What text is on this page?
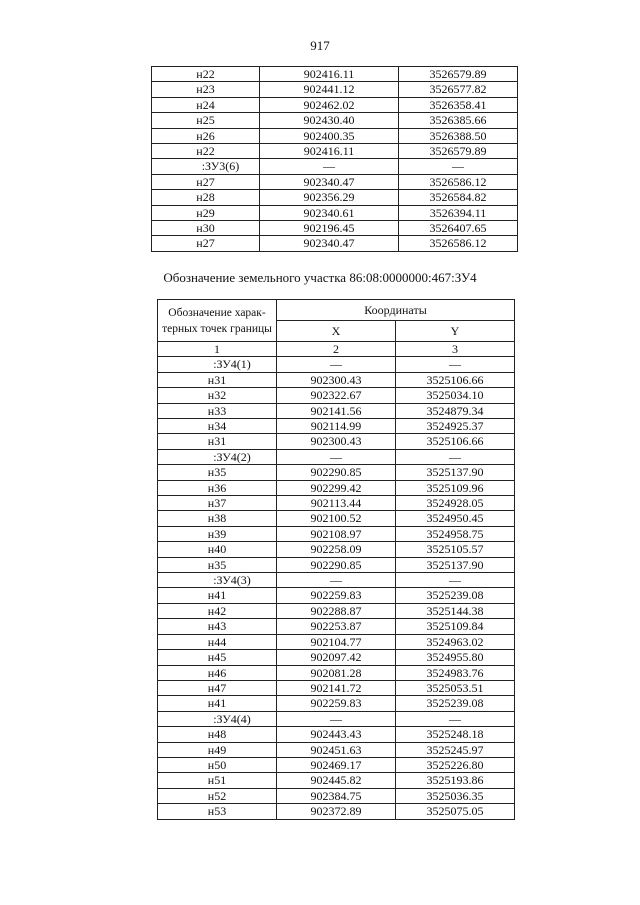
917
н22	902416.11	3526579.89
н23	902441.12	3526577.82
н24	902462.02	3526358.41
н25	902430.40	3526385.66
н26	902400.35	3526388.50
н22	902416.11	3526579.89
:ЗУ3(6)	—	—
н27	902340.47	3526586.12
н28	902356.29	3526584.82
н29	902340.61	3526394.11
н30	902196.45	3526407.65
н27	902340.47	3526586.12
Обозначение земельного участка 86:08:0000000:467:ЗУ4
Обозначение харак-терных точек границы	Координаты	
	X	Y
1	2	3
:ЗУ4(1)	—	—
н31	902300.43	3525106.66
н32	902322.67	3525034.10
н33	902141.56	3524879.34
н34	902114.99	3524925.37
н31	902300.43	3525106.66
:ЗУ4(2)	—	—
н35	902290.85	3525137.90
н36	902299.42	3525109.96
н37	902113.44	3524928.05
н38	902100.52	3524950.45
н39	902108.97	3524958.75
н40	902258.09	3525105.57
н35	902290.85	3525137.90
:ЗУ4(3)	—	—
н41	902259.83	3525239.08
н42	902288.87	3525144.38
н43	902253.87	3525109.84
н44	902104.77	3524963.02
н45	902097.42	3524955.80
н46	902081.28	3524983.76
н47	902141.72	3525053.51
н41	902259.83	3525239.08
:ЗУ4(4)	—	—
н48	902443.43	3525248.18
н49	902451.63	3525245.97
н50	902469.17	3525226.80
н51	902445.82	3525193.86
н52	902384.75	3525036.35
н53	902372.89	3525075.05
